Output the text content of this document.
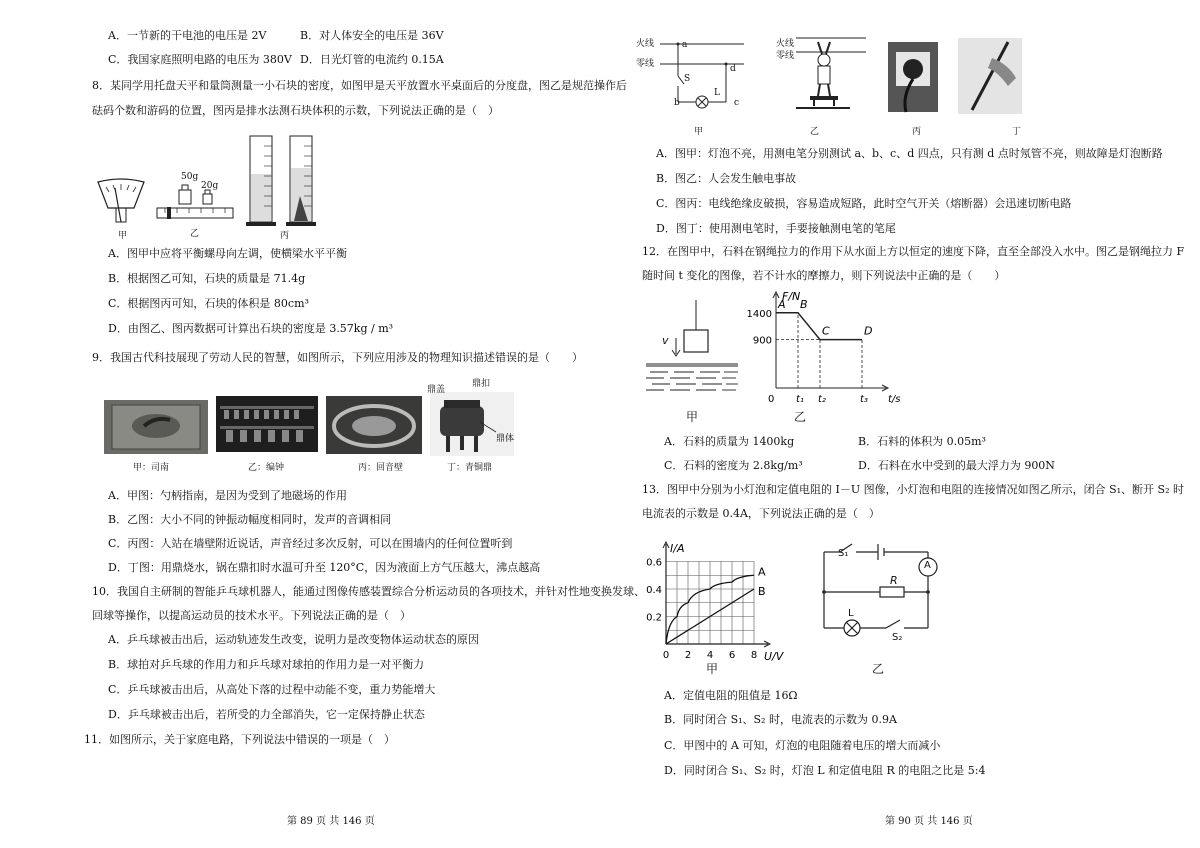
A．一节新的干电池的电压是 2V	B．对人体安全的电压是 36V
C．我国家庭照明电路的电压为 380V D．日光灯管的电流约 0.15A
8．某同学用托盘天平和量筒测量一小石块的密度，如图甲是天平放置水平桌面后的分度盘，图乙是规范操作后
砝码个数和游码的位置，图丙是排水法测石块体积的示数，下列说法正确的是（　）
甲
50g
20g
乙	丙
A．图甲中应将平衡螺母向左调，使横梁水平平衡
B．根据图乙可知，石块的质量是 71.4g
C．根据图丙可知，石块的体积是 80cm³
D．由图乙、图丙数据可计算出石块的密度是 3.57kg / m³
9．我国古代科技展现了劳动人民的智慧，如图所示，下列应用涉及的物理知识描述错误的是（　　）
甲：司南	乙：编钟	丙：回音壁
鼎盖
鼎扣
鼎体
丁：青铜鼎
A．甲图：勺柄指南，是因为受到了地磁场的作用
B．乙图：大小不同的钟振动幅度相同时，发声的音调相同
C．丙图：人站在墙壁附近说话，声音经过多次反射，可以在围墙内的任何位置听到
D．丁图：用鼎烧水，锅在鼎扣时水温可升至 120°C，因为液面上方气压越大，沸点越高
10．我国自主研制的智能乒乓球机器人，能通过图像传感装置综合分析运动员的各项技术，并针对性地变换发球、
回球等操作，以提高运动员的技术水平。下列说法正确的是（　）
A．乒乓球被击出后，运动轨迹发生改变，说明力是改变物体运动状态的原因
B．球拍对乒乓球的作用力和乒乓球对球拍的作用力是一对平衡力
C．乒乓球被击出后，从高处下落的过程中动能不变，重力势能增大
D．乒乓球被击出后，若所受的力全部消失，它一定保持静止状态
11．如图所示，关于家庭电路，下列说法中错误的一项是（　）
第 89 页 共 146 页
火线
零线
a
b	c
d
S
L
甲
火线
零线
乙	丙	丁
A．图甲：灯泡不亮，用测电笔分别测试 a、b、c、d 四点，只有测 d 点时氖管不亮，则故障是灯泡断路
B．图乙：人会发生触电事故
C．图丙：电线绝缘皮破损，容易造成短路，此时空气开关（熔断器）会迅速切断电路
D．图丁：使用测电笔时，手要接触测电笔的笔尾
12．在图甲中，石料在钢绳拉力的作用下从水面上方以恒定的速度下降，直至全部没入水中。图乙是钢绳拉力 F
随时间 t 变化的图像，若不计水的摩擦力，则下列说法中正确的是（　　）
v
甲
F/N
t/s
900
1400
0 t₁ t₂	t₃
A B
C	D
乙
A．石料的质量为 1400kg	B．石料的体积为 0.05m³
C．石料的密度为 2.8kg/m³	D．石料在水中受到的最大浮力为 900N
13．图甲中分别为小灯泡和定值电阻的 I－U 图像，小灯泡和电阻的连接情况如图乙所示，闭合 S₁、断开 S₂ 时
电流表的示数是 0.4A，下列说法正确的是（　）
I/A
U/V
0.2
0.4
0.6
0 2 4 6 8
A
B
甲
S₁
A
R
L
S₂
乙
A．定值电阻的阻值是 16Ω
B．同时闭合 S₁、S₂ 时，电流表的示数为 0.9A
C．甲图中的 A 可知，灯泡的电阻随着电压的增大而减小
D．同时闭合 S₁、S₂ 时，灯泡 L 和定值电阻 R 的电阻之比是 5:4
第 90 页 共 146 页
